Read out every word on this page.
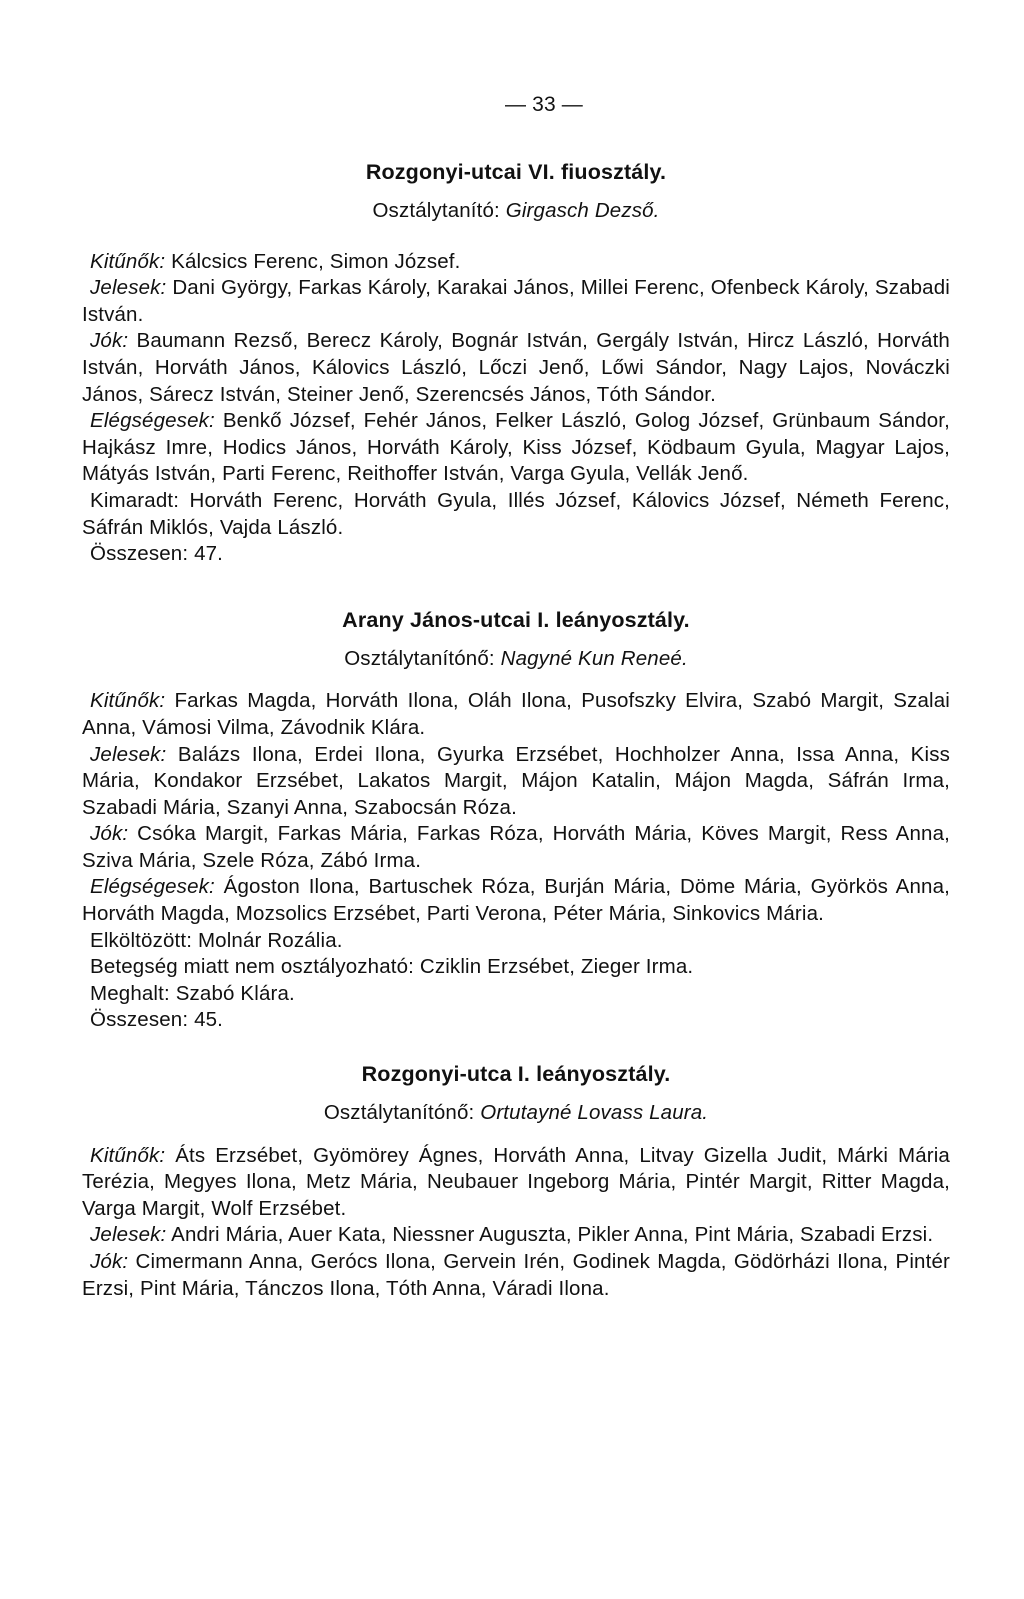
— 33 —
Rozgonyi-utcai VI. fiuosztály.
Osztálytanító: Girgasch Dezső.

Kitűnők: Kálcsics Ferenc, Simon József.

Jelesek: Dani György, Farkas Károly, Karakai János, Millei Ferenc, Ofenbeck Károly, Szabadi István.

Jók: Baumann Rezső, Berecz Károly, Bognár István, Gergály István, Hircz László, Horváth István, Horváth János, Kálovics László, Lőczi Jenő, Lőwi Sándor, Nagy Lajos, Nováczki János, Sárecz István, Steiner Jenő, Szerencsés János, Tóth Sándor.

Elégségesek: Benkő József, Fehér János, Felker László, Golog József, Grünbaum Sándor, Hajkász Imre, Hodics János, Horváth Károly, Kiss József, Ködbaum Gyula, Magyar Lajos, Mátyás István, Parti Ferenc, Reithoffer István, Varga Gyula, Vellák Jenő.

Kimaradt: Horváth Ferenc, Horváth Gyula, Illés József, Kálovics József, Németh Ferenc, Sáfrán Miklós, Vajda László.

Összesen: 47.

Arany János-utcai I. leányosztály.
Osztálytanítónő: Nagyné Kun Reneé.

Kitűnők: Farkas Magda, Horváth Ilona, Oláh Ilona, Pusofszky Elvira, Szabó Margit, Szalai Anna, Vámosi Vilma, Závodnik Klára.

Jelesek: Balázs Ilona, Erdei Ilona, Gyurka Erzsébet, Hochholzer Anna, Issa Anna, Kiss Mária, Kondakor Erzsébet, Lakatos Margit, Májon Katalin, Májon Magda, Sáfrán Irma, Szabadi Mária, Szanyi Anna, Szabocsán Róza.

Jók: Csóka Margit, Farkas Mária, Farkas Róza, Horváth Mária, Köves Margit, Ress Anna, Sziva Mária, Szele Róza, Zábó Irma.

Elégségesek: Ágoston Ilona, Bartuschek Róza, Burján Mária, Döme Mária, Györkös Anna, Horváth Magda, Mozsolics Erzsébet, Parti Verona, Péter Mária, Sinkovics Mária.

Elköltözött: Molnár Rozália.

Betegség miatt nem osztályozható: Cziklin Erzsébet, Zieger Irma.

Meghalt: Szabó Klára.

Összesen: 45.

Rozgonyi-utca I. leányosztály.
Osztálytanítónő: Ortutayné Lovass Laura.

Kitűnők: Áts Erzsébet, Gyömörey Ágnes, Horváth Anna, Litvay Gizella Judit, Márki Mária Terézia, Megyes Ilona, Metz Mária, Neubauer Ingeborg Mária, Pintér Margit, Ritter Magda, Varga Margit, Wolf Erzsébet.

Jelesek: Andri Mária, Auer Kata, Niessner Auguszta, Pikler Anna, Pint Mária, Szabadi Erzsi.

Jók: Cimermann Anna, Gerócs Ilona, Gervein Irén, Godinek Magda, Gödörházi Ilona, Pintér Erzsi, Pint Mária, Tánczos Ilona, Tóth Anna, Váradi Ilona.
